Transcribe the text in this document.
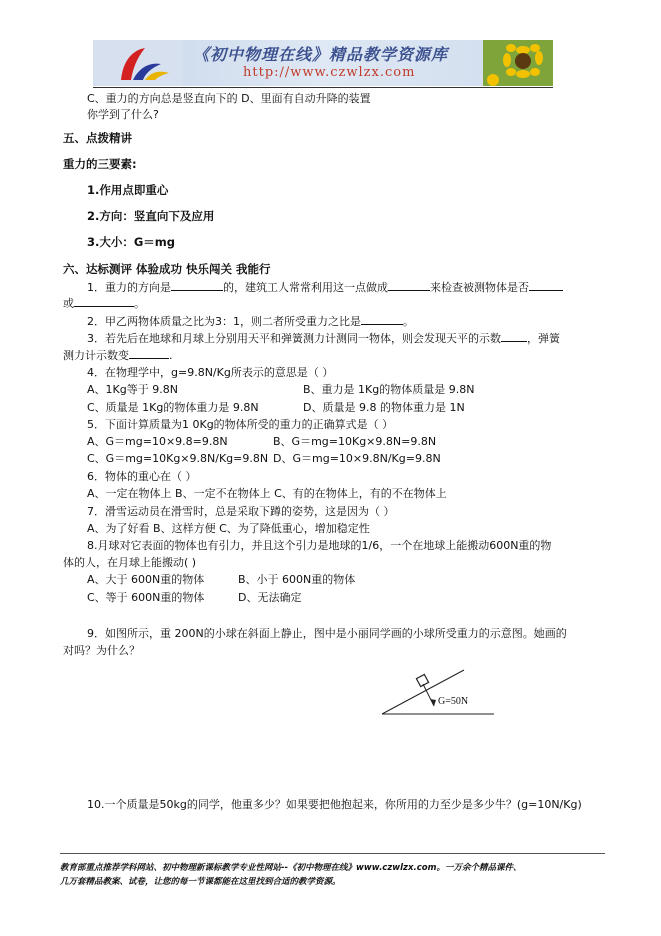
《初中物理在线》精品教学资源库
http://www.czwlzx.com
C、重力的方向总是竖直向下的 D、里面有自动升降的装置
你学到了什么?
五、点拨精讲
重力的三要素:
1.作用点即重心
2.方向：竖直向下及应用
3.大小：G＝mg
六、达标测评 体验成功 快乐闯关 我能行
1．重力的方向是	的，建筑工人常常利用这一点做成	来检查被测物体是否
或	。
2．甲乙两物体质量之比为3：1，则二者所受重力之比是	。
3．若先后在地球和月球上分别用天平和弹簧测力计测同一物体，则会发现天平的示数 ，弹簧
测力计示数变	.
4．在物理学中，g=9.8N/Kg所表示的意思是（ ）
A、1Kg等于 9.8N	B、重力是 1Kg的物体质量是 9.8N
C、质量是 1Kg的物体重力是 9.8N	D、质量是 9.8 的物体重力是 1N
5．下面计算质量为1 0Kg的物体所受的重力的正确算式是（ ）
A、G＝mg=10×9.8=9.8N	B、G＝mg=10Kg×9.8N=9.8N
C、G＝mg=10Kg×9.8N/Kg=9.8N D、G＝mg=10×9.8N/Kg=9.8N
6．物体的重心在（ ）
A、一定在物体上 B、一定不在物体上 C、有的在物体上，有的不在物体上
7．滑雪运动员在滑雪时，总是采取下蹲的姿势，这是因为（ ）
A、为了好看 B、这样方便 C、为了降低重心，增加稳定性
8.月球对它表面的物体也有引力，并且这个引力是地球的1/6，一个在地球上能搬动600N重的物
体的人，在月球上能搬动( )
A、大于 600N重的物体	B、小于 600N重的物体
C、等于 600N重的物体	D、无法确定
9．如图所示，重 200N的小球在斜面上静止，图中是小丽同学画的小球所受重力的示意图。她画的
对吗？为什么？
G=50N
10.一个质量是50kg的同学，他重多少？如果要把他抱起来，你所用的力至少是多少牛？(g=10N/Kg)
教育部重点推荐学科网站、初中物理新课标教学专业性网站--《初中物理在线》www.czwlzx.com。一万余个精品课件、
几万套精品教案、试卷，让您的每一节课都能在这里找到合适的教学资源。
